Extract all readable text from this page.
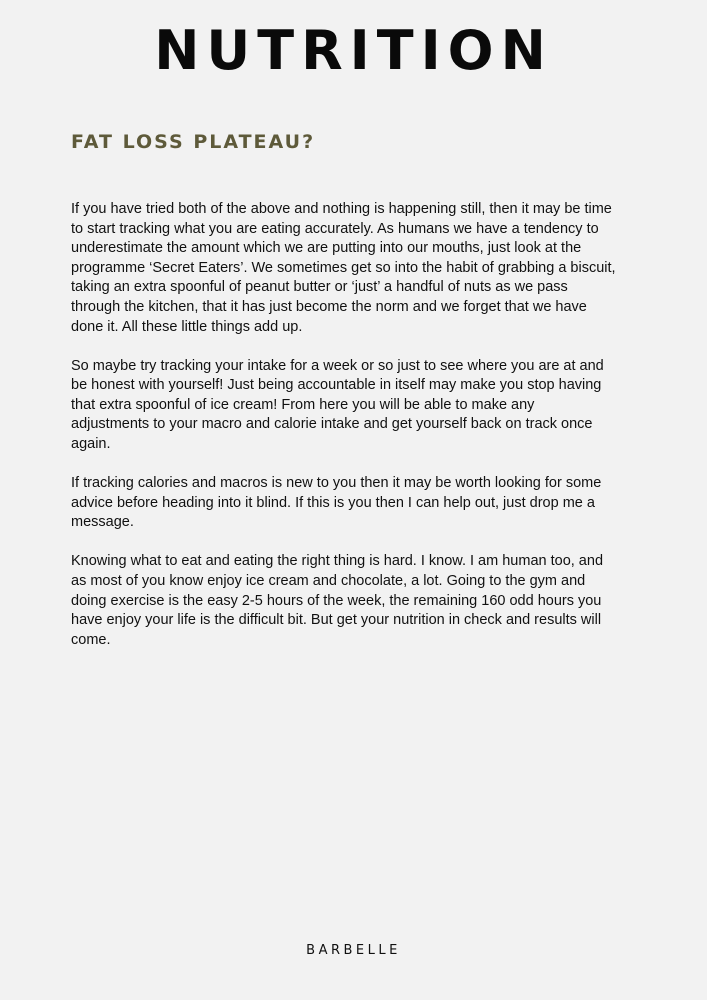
NUTRITION
FAT LOSS PLATEAU?

If you have tried both of the above and nothing is happening still, then it may be time to start tracking what you are eating accurately. As humans we have a tendency to underestimate the amount which we are putting into our mouths, just look at the programme ‘Secret Eaters’. We sometimes get so into the habit of grabbing a biscuit, taking an extra spoonful of peanut butter or ‘just’ a handful of nuts as we pass through the kitchen, that it has just become the norm and we forget that we have done it. All these little things add up.

So maybe try tracking your intake for a week or so just to see where you are at and be honest with yourself! Just being accountable in itself may make you stop having that extra spoonful of ice cream! From here you will be able to make any adjustments to your macro and calorie intake and get yourself back on track once again.

If tracking calories and macros is new to you then it may be worth looking for some advice before heading into it blind. If this is you then I can help out, just drop me a message.

Knowing what to eat and eating the right thing is hard. I know. I am human too, and as most of you know enjoy ice cream and chocolate, a lot. Going to the gym and doing exercise is the easy 2-5 hours of the week, the remaining 160 odd hours you have enjoy your life is the difficult bit. But get your nutrition in check and results will come.

BARBELLE
